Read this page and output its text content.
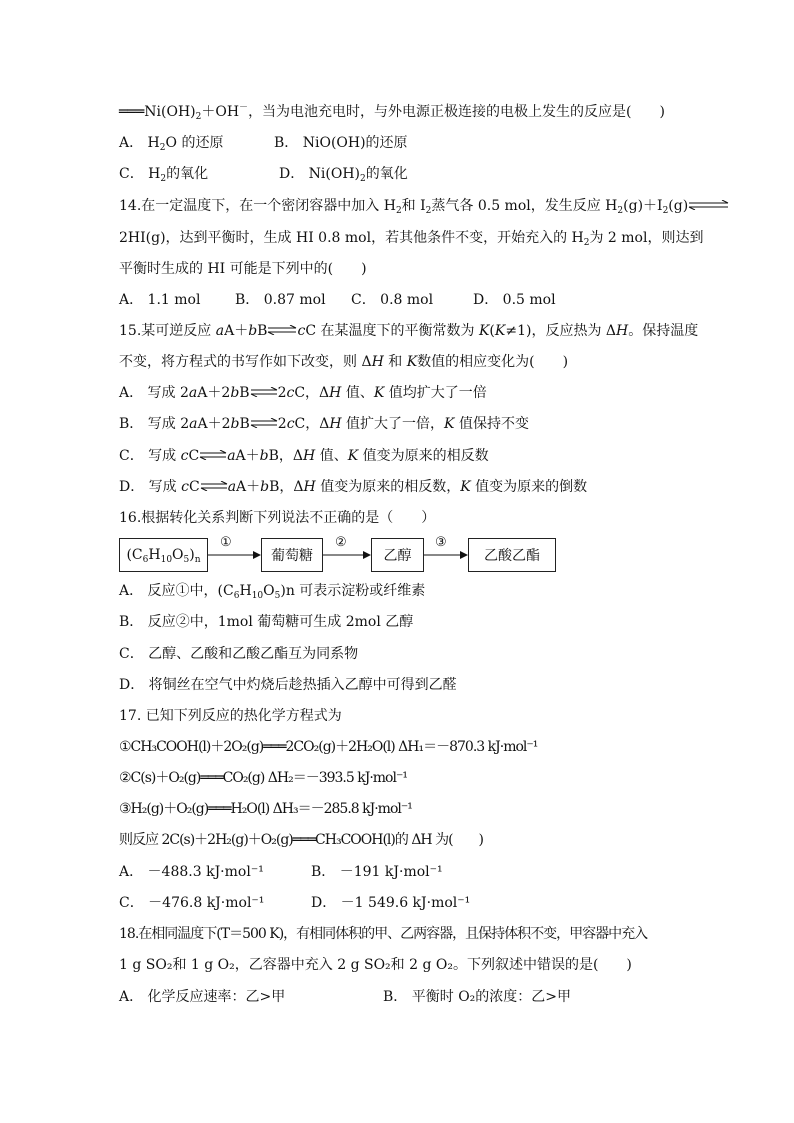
$═══Ni(OH)_2+OH^-$，当为电池充电时，与外电源正极连接的电极上发生的反应是(　　)
A． $H_2O$ 的还原	B． NiO(OH)的还原
C． $H_2$的氧化	D． $Ni(OH)_2$的氧化
14.在一定温度下，在一个密闭容器中加入 $H_2$和 $I_2$蒸气各 0.5 mol，发生反应 $H_2(g)+I_2(g)\rightleftharpoons$
2HI(g)，达到平衡时，生成 HI 0.8 mol，若其他条件不变，开始充入的 $H_2$为 2 mol，则达到
平衡时生成的 HI 可能是下列中的(　　)
A． 1.1 mol B． 0.87 mol C． 0.8 mol	D． 0.5 mol
15.某可逆反应 aA＋bB⇌cC 在某温度下的平衡常数为 K(K≠1)，反应热为 ΔH。保持温度
不变，将方程式的书写作如下改变，则 ΔH 和 K数值的相应变化为(　　)
A． 写成 2aA＋2bB⇌2cC，ΔH 值、K 值均扩大了一倍
B． 写成 2aA＋2bB⇌2cC，ΔH 值扩大了一倍，K 值保持不变
C． 写成 cC⇌aA＋bB，ΔH 值、K 值变为原来的相反数
D． 写成 cC⇌aA＋bB，ΔH 值变为原来的相反数，K 值变为原来的倒数
16.根据转化关系判断下列说法不正确的是（　　）
$(C_6H_{10}O_5)_n$
①
葡萄糖
②
乙醇
③
乙酸乙酯
A． 反应①中，$(C_6H_{10}O_5)n$ 可表示淀粉或纤维素
B． 反应②中，1mol 葡萄糖可生成 2mol 乙醇
C． 乙醇、乙酸和乙酸乙酯互为同系物
D． 将铜丝在空气中灼烧后趁热插入乙醇中可得到乙醛
17. 已知下列反应的热化学方程式为
①CH₃COOH(l)＋2O₂(g)═══2CO₂(g)＋2H₂O(l) ΔH₁＝－870.3 kJ·mol⁻¹
②C(s)＋O₂(g)═══CO₂(g) ΔH₂＝－393.5 kJ·mol⁻¹
③H₂(g)＋O₂(g)═══H₂O(l) ΔH₃＝－285.8 kJ·mol⁻¹
则反应 2C(s)＋2H₂(g)＋O₂(g)═══CH₃COOH(l)的 ΔH 为(　　)
A． －488.3 kJ·mol⁻¹	B． －191 kJ·mol⁻¹
C． －476.8 kJ·mol⁻¹	D． －1 549.6 kJ·mol⁻¹
18.在相同温度下(T＝500 K)，有相同体积的甲、乙两容器，且保持体积不变，甲容器中充入
1 g SO₂和 1 g O₂，乙容器中充入 2 g SO₂和 2 g O₂。下列叙述中错误的是(　　)
A． 化学反应速率：乙>甲	B． 平衡时 O₂的浓度：乙>甲
